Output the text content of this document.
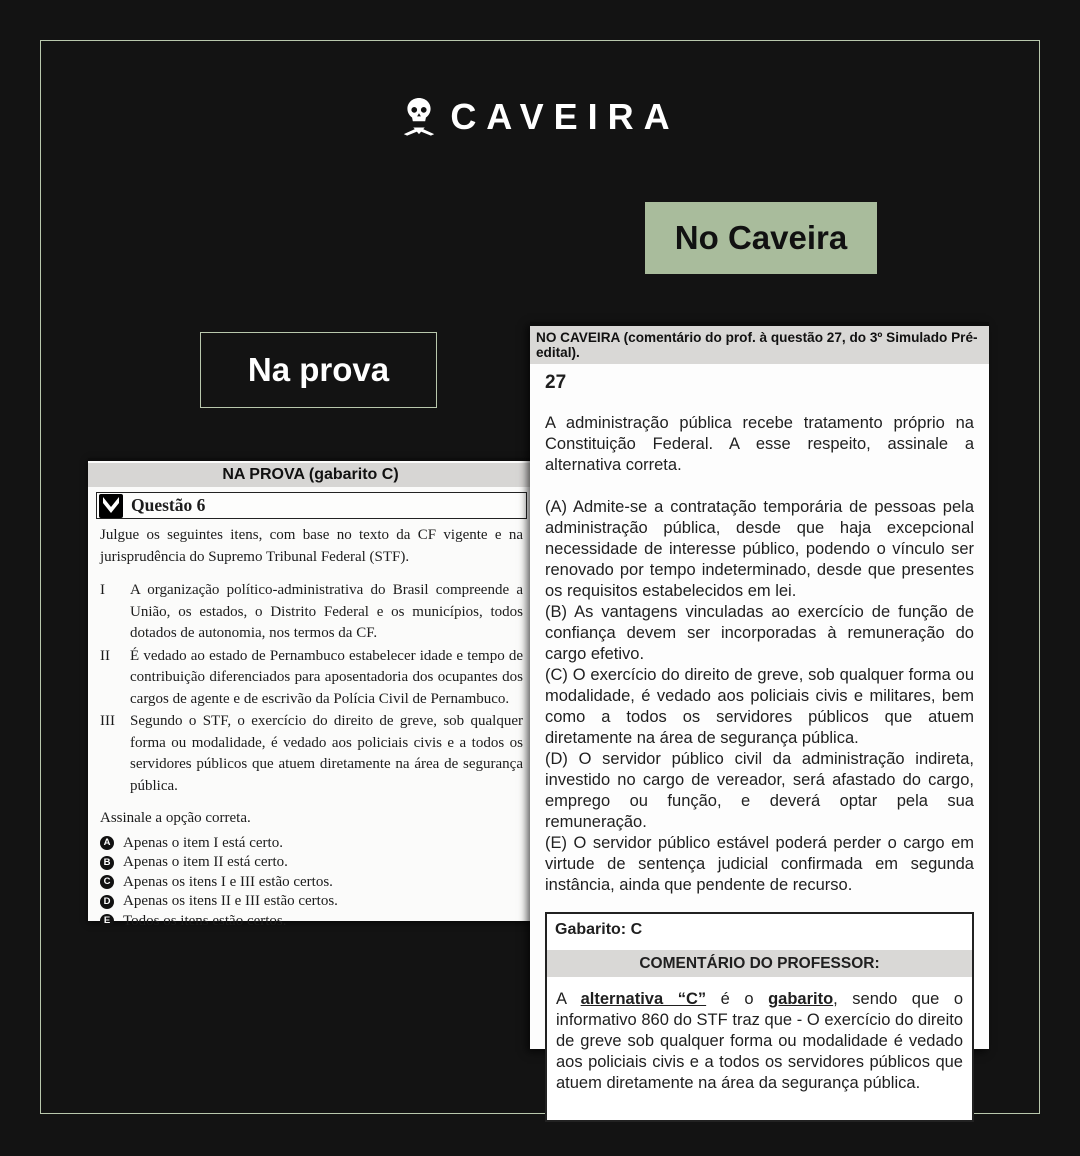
CAVEIRA
No Caveira
Na prova
NA PROVA (gabarito C)
Questão 6

Julgue os seguintes itens, com base no texto da CF vigente e na jurisprudência do Supremo Tribunal Federal (STF).

I	A organização político-administrativa do Brasil compreende a União, os estados, o Distrito Federal e os municípios, todos dotados de autonomia, nos termos da CF.
II	É vedado ao estado de Pernambuco estabelecer idade e tempo de contribuição diferenciados para aposentadoria dos ocupantes dos cargos de agente e de escrivão da Polícia Civil de Pernambuco.
III	Segundo o STF, o exercício do direito de greve, sob qualquer forma ou modalidade, é vedado aos policiais civis e a todos os servidores públicos que atuem diretamente na área de segurança pública.

Assinale a opção correta.

A Apenas o item I está certo.
B Apenas o item II está certo.
C Apenas os itens I e III estão certos.
D Apenas os itens II e III estão certos.
E Todos os itens estão certos.
NO CAVEIRA (comentário do prof. à questão 27, do 3º Simulado Pré-edital).
27

A administração pública recebe tratamento próprio na Constituição Federal. A esse respeito, assinale a alternativa correta.

(A) Admite-se a contratação temporária de pessoas pela administração pública, desde que haja excepcional necessidade de interesse público, podendo o vínculo ser renovado por tempo indeterminado, desde que presentes os requisitos estabelecidos em lei.

(B) As vantagens vinculadas ao exercício de função de confiança devem ser incorporadas à remuneração do cargo efetivo.

(C) O exercício do direito de greve, sob qualquer forma ou modalidade, é vedado aos policiais civis e militares, bem como a todos os servidores públicos que atuem diretamente na área de segurança pública.

(D) O servidor público civil da administração indireta, investido no cargo de vereador, será afastado do cargo, emprego ou função, e deverá optar pela sua remuneração.

(E) O servidor público estável poderá perder o cargo em virtude de sentença judicial confirmada em segunda instância, ainda que pendente de recurso.

Gabarito: C
COMENTÁRIO DO PROFESSOR:
A alternativa “C” é o gabarito, sendo que o informativo 860 do STF traz que - O exercício do direito de greve sob qualquer forma ou modalidade é vedado aos policiais civis e a todos os servidores públicos que atuem diretamente na área da segurança pública.
